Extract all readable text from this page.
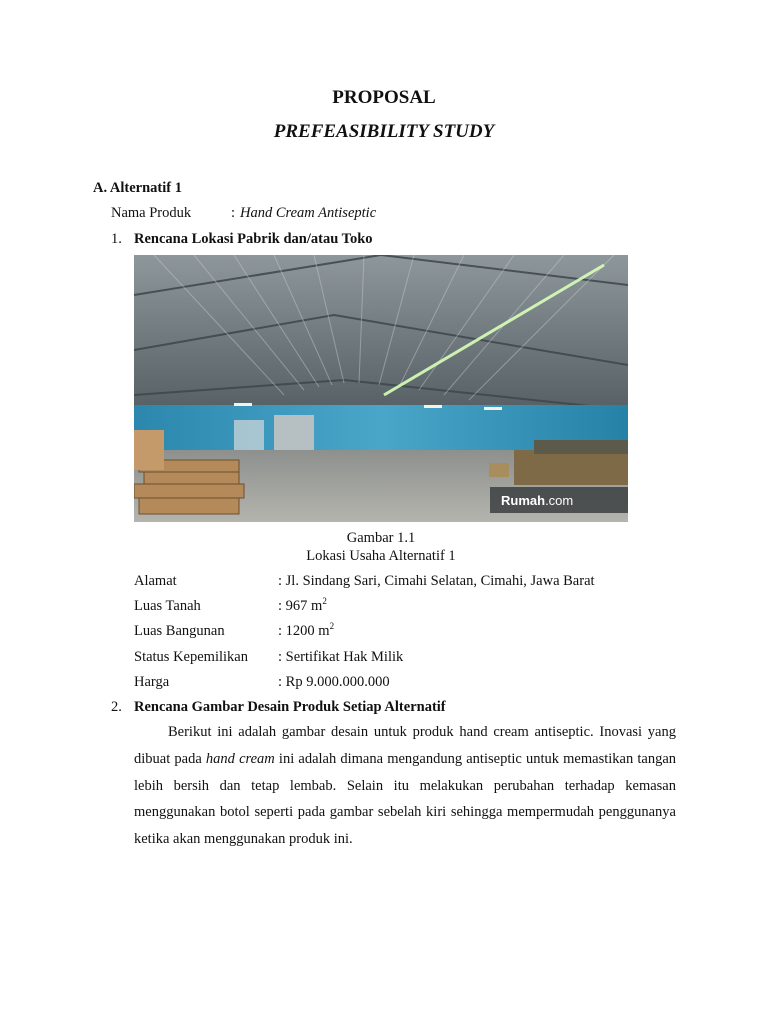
PROPOSAL
PREFEASIBILITY STUDY
A. Alternatif 1
Nama Produk	: Hand Cream Antiseptic
1. Rencana Lokasi Pabrik dan/atau Toko
Rumah.com
Gambar 1.1
Lokasi Usaha Alternatif 1
Alamat	: Jl. Sindang Sari, Cimahi Selatan, Cimahi, Jawa Barat
Luas Tanah	: 967 $m^2$
Luas Bangunan	: 1200 $m^2$
Status Kepemilikan : Sertifikat Hak Milik
Harga	: Rp 9.000.000.000
2. Rencana Gambar Desain Produk Setiap Alternatif
Berikut ini adalah gambar desain untuk produk hand cream antiseptic. Inovasi yang dibuat pada hand cream ini adalah dimana mengandung antiseptic untuk memastikan tangan lebih bersih dan tetap lembab. Selain itu melakukan perubahan terhadap kemasan menggunakan botol seperti pada gambar sebelah kiri sehingga mempermudah penggunanya ketika akan menggunakan produk ini.
